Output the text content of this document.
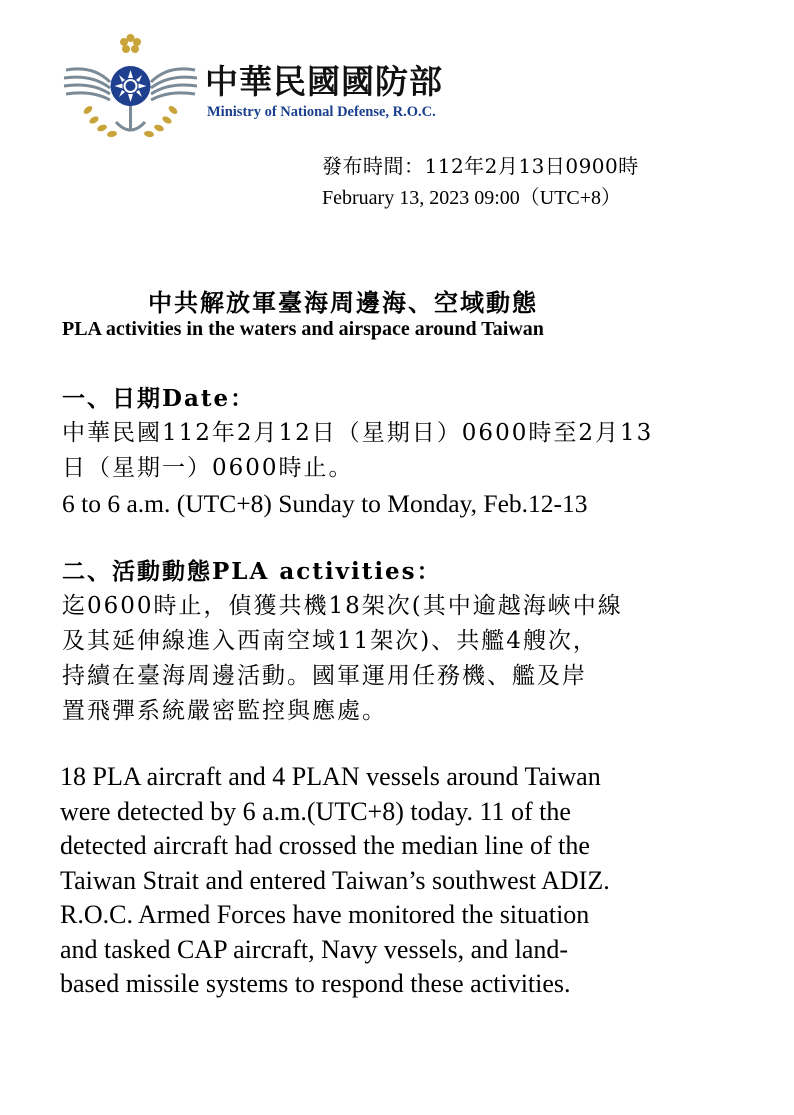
中華民國國防部
Ministry of National Defense, R.O.C.
發布時間：112年2月13日0900時
February 13, 2023 09:00（UTC+8）
中共解放軍臺海周邊海、空域動態
PLA activities in the waters and airspace around Taiwan
一、日期Date：
中華民國112年2月12日（星期日）0600時至2月13
日（星期一）0600時止。
6 to 6 a.m. (UTC+8) Sunday to Monday, Feb.12-13
二、活動動態PLA activities：
迄0600時止，偵獲共機18架次(其中逾越海峽中線
及其延伸線進入西南空域11架次)、共艦4艘次，
持續在臺海周邊活動。國軍運用任務機、艦及岸
置飛彈系統嚴密監控與應處。
18 PLA aircraft and 4 PLAN vessels around Taiwan
were detected by 6 a.m.(UTC+8) today. 11 of the
detected aircraft had crossed the median line of the
Taiwan Strait and entered Taiwan’s southwest ADIZ.
R.O.C. Armed Forces have monitored the situation
and tasked CAP aircraft, Navy vessels, and land-
based missile systems to respond these activities.
